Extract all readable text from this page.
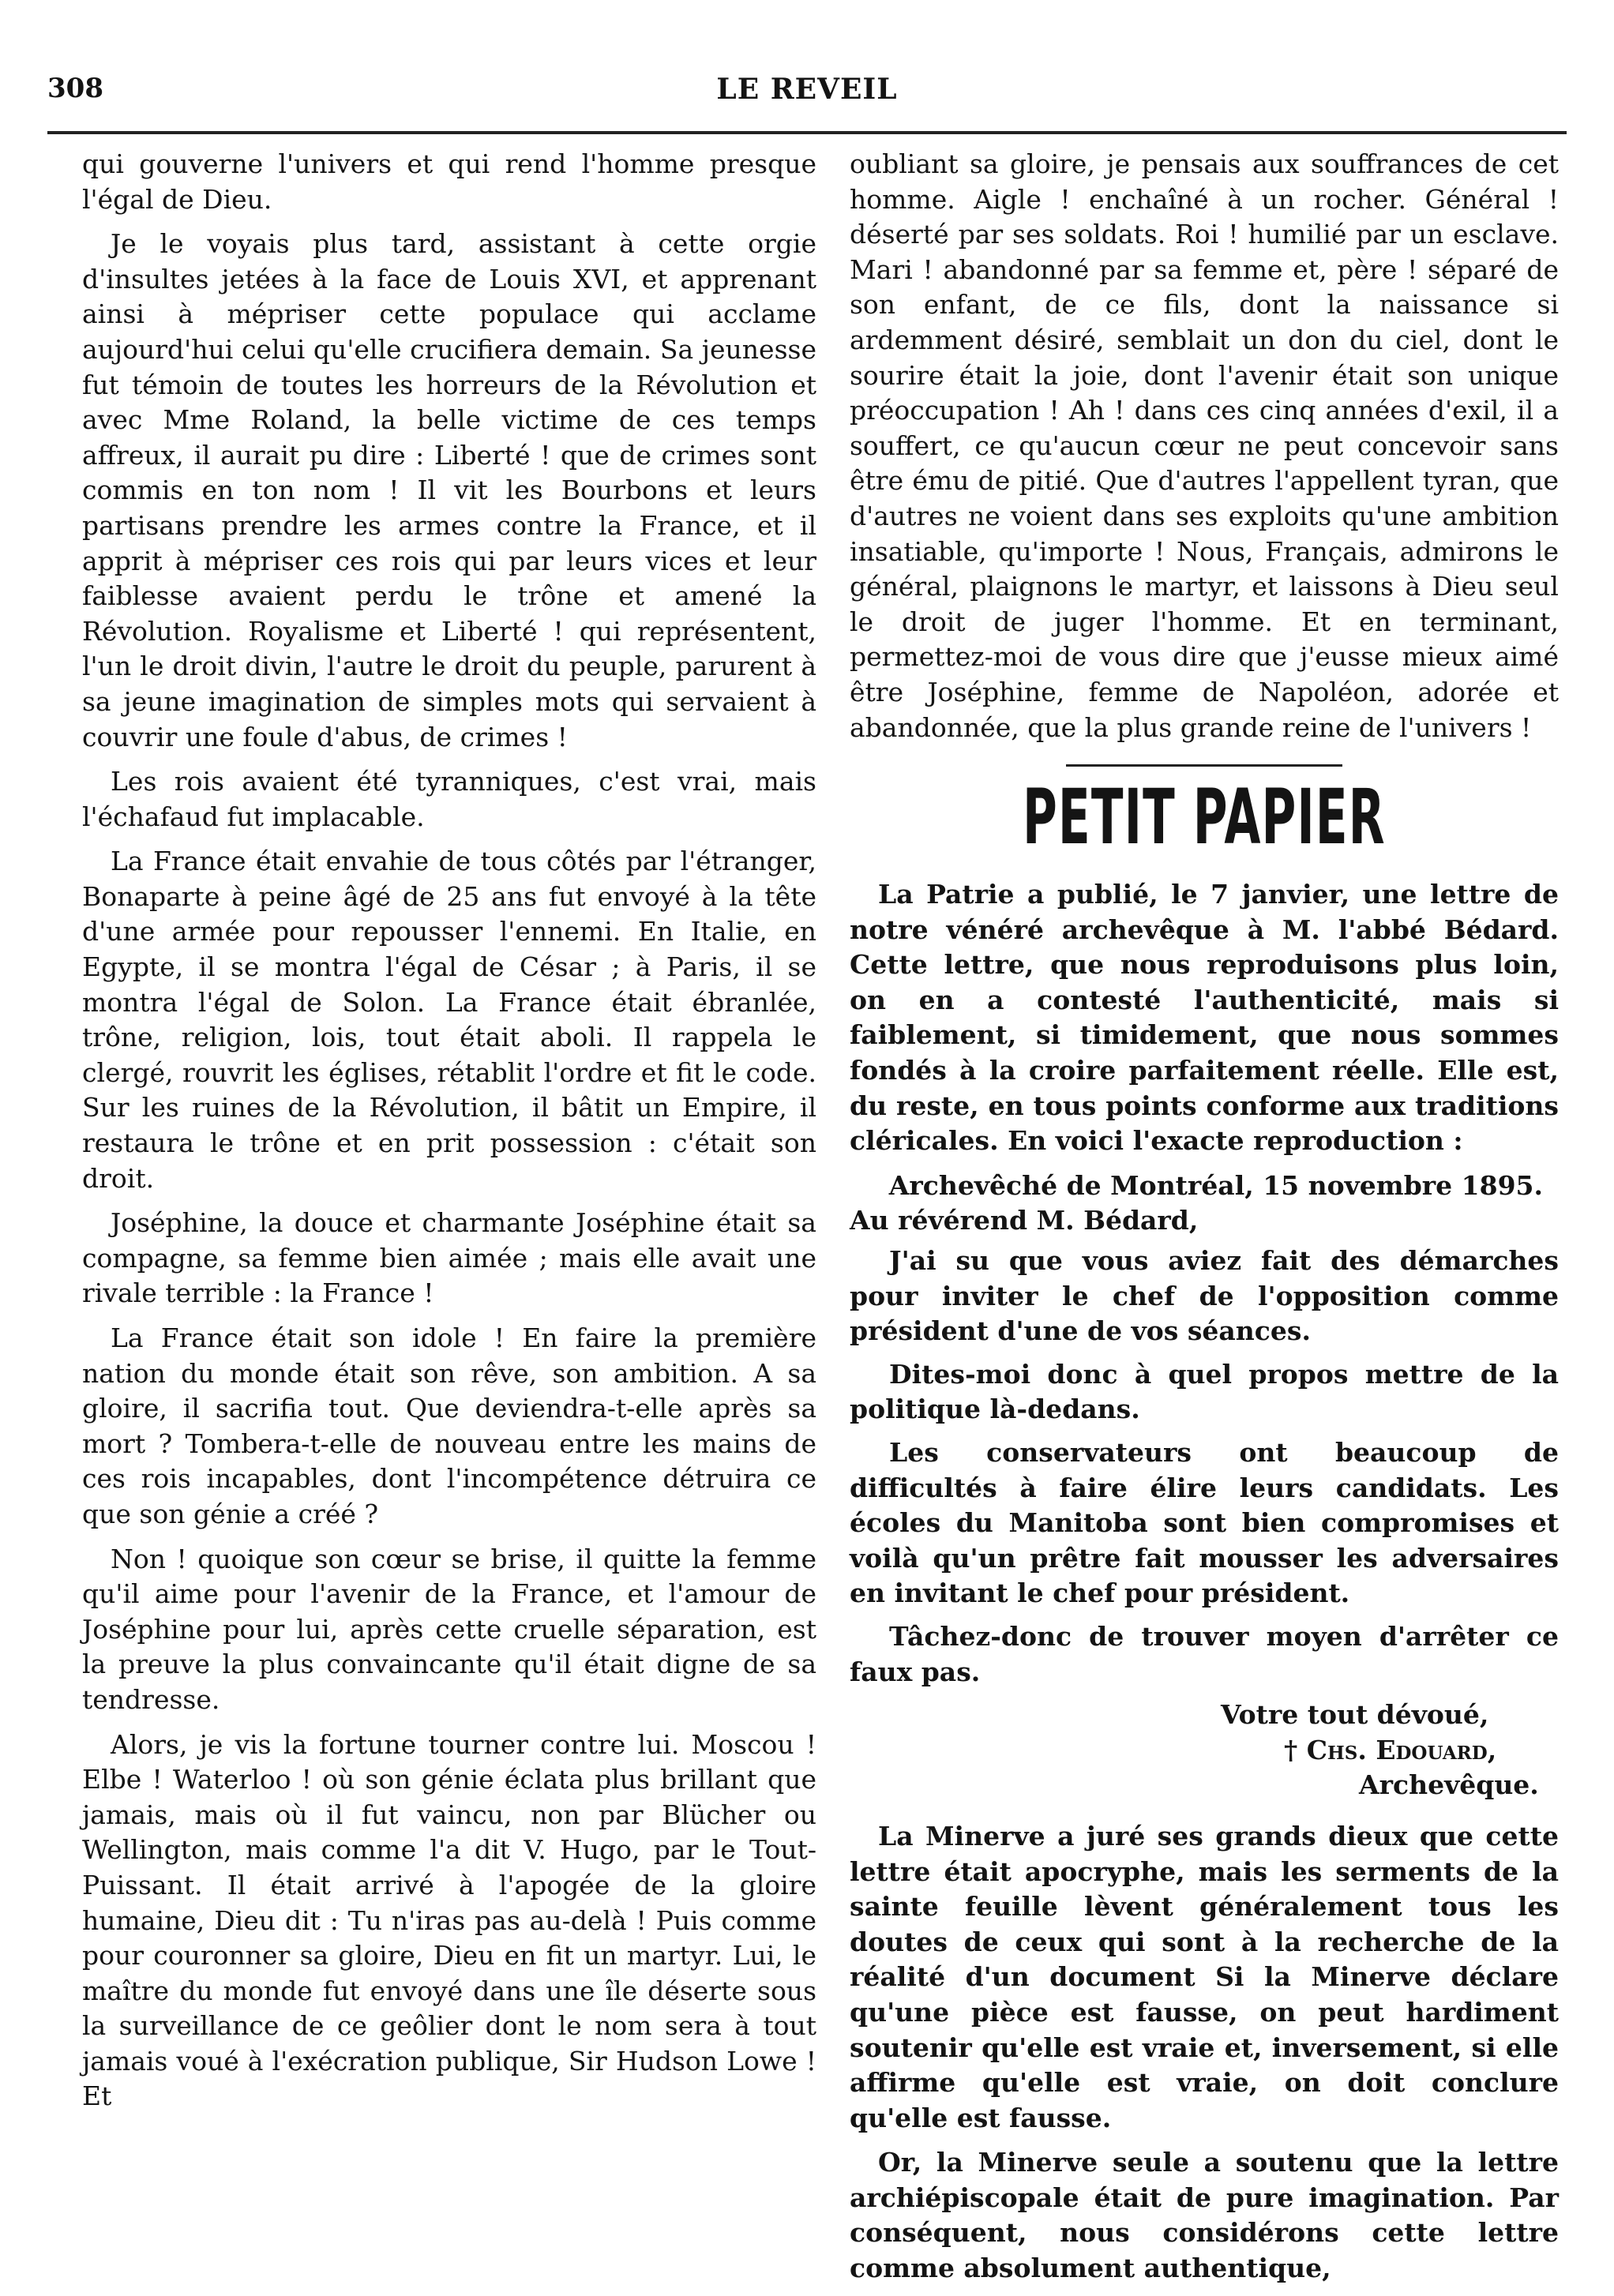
308	LE REVEIL

qui gouverne l'univers et qui rend l'homme presque l'égal de Dieu.

Je le voyais plus tard, assistant à cette orgie d'insultes jetées à la face de Louis XVI, et apprenant ainsi à mépriser cette populace qui acclame aujourd'hui celui qu'elle crucifiera demain. Sa jeunesse fut témoin de toutes les horreurs de la Révolution et avec Mme Roland, la belle victime de ces temps affreux, il aurait pu dire : Liberté ! que de crimes sont commis en ton nom ! Il vit les Bourbons et leurs partisans prendre les armes contre la France, et il apprit à mépriser ces rois qui par leurs vices et leur faiblesse avaient perdu le trône et amené la Révolution. Royalisme et Liberté ! qui représentent, l'un le droit divin, l'autre le droit du peuple, parurent à sa jeune imagination de simples mots qui servaient à couvrir une foule d'abus, de crimes !

Les rois avaient été tyranniques, c'est vrai, mais l'échafaud fut implacable.

La France était envahie de tous côtés par l'étranger, Bonaparte à peine âgé de 25 ans fut envoyé à la tête d'une armée pour repousser l'ennemi. En Italie, en Egypte, il se montra l'égal de César ; à Paris, il se montra l'égal de Solon. La France était ébranlée, trône, religion, lois, tout était aboli. Il rappela le clergé, rouvrit les églises, rétablit l'ordre et fit le code. Sur les ruines de la Révolution, il bâtit un Empire, il restaura le trône et en prit possession : c'était son droit.

Joséphine, la douce et charmante Joséphine était sa compagne, sa femme bien aimée ; mais elle avait une rivale terrible : la France !

La France était son idole ! En faire la première nation du monde était son rêve, son ambition. A sa gloire, il sacrifia tout. Que deviendra-t-elle après sa mort ? Tombera-t-elle de nouveau entre les mains de ces rois incapables, dont l'incompétence détruira ce que son génie a créé ?

Non ! quoique son cœur se brise, il quitte la femme qu'il aime pour l'avenir de la France, et l'amour de Joséphine pour lui, après cette cruelle séparation, est la preuve la plus convaincante qu'il était digne de sa tendresse.

Alors, je vis la fortune tourner contre lui. Moscou ! Elbe ! Waterloo ! où son génie éclata plus brillant que jamais, mais où il fut vaincu, non par Blücher ou Wellington, mais comme l'a dit V. Hugo, par le Tout-Puissant. Il était arrivé à l'apogée de la gloire humaine, Dieu dit : Tu n'iras pas au-delà ! Puis comme pour couronner sa gloire, Dieu en fit un martyr. Lui, le maître du monde fut envoyé dans une île déserte sous la surveillance de ce geôlier dont le nom sera à tout jamais voué à l'exécration publique, Sir Hudson Lowe ! Et

oubliant sa gloire, je pensais aux souffrances de cet homme. Aigle ! enchaîné à un rocher. Général ! déserté par ses soldats. Roi ! humilié par un esclave. Mari ! abandonné par sa femme et, père ! séparé de son enfant, de ce fils, dont la naissance si ardemment désiré, semblait un don du ciel, dont le sourire était la joie, dont l'avenir était son unique préoccupation ! Ah ! dans ces cinq années d'exil, il a souffert, ce qu'aucun cœur ne peut concevoir sans être ému de pitié. Que d'autres l'appellent tyran, que d'autres ne voient dans ses exploits qu'une ambition insatiable, qu'importe ! Nous, Français, admirons le général, plaignons le martyr, et laissons à Dieu seul le droit de juger l'homme. Et en terminant, permettez-moi de vous dire que j'eusse mieux aimé être Joséphine, femme de Napoléon, adorée et abandonnée, que la plus grande reine de l'univers !

PETIT PAPIER

La Patrie a publié, le 7 janvier, une lettre de notre vénéré archevêque à M. l'abbé Bédard. Cette lettre, que nous reproduisons plus loin, on en a contesté l'authenticité, mais si faiblement, si timidement, que nous sommes fondés à la croire parfaitement réelle. Elle est, du reste, en tous points conforme aux traditions cléricales. En voici l'exacte reproduction :

Archevêché de Montréal, 15 novembre 1895.
Au révérend M. Bédard,

J'ai su que vous aviez fait des démarches pour inviter le chef de l'opposition comme président d'une de vos séances.

Dites-moi donc à quel propos mettre de la politique là-dedans.

Les conservateurs ont beaucoup de difficultés à faire élire leurs candidats. Les écoles du Manitoba sont bien compromises et voilà qu'un prêtre fait mousser les adversaires en invitant le chef pour président.

Tâchez-donc de trouver moyen d'arrêter ce faux pas.

Votre tout dévoué,
† Chs. Edouard,
Archevêque.

La Minerve a juré ses grands dieux que cette lettre était apocryphe, mais les serments de la sainte feuille lèvent généralement tous les doutes de ceux qui sont à la recherche de la réalité d'un document Si la Minerve déclare qu'une pièce est fausse, on peut hardiment soutenir qu'elle est vraie et, inversement, si elle affirme qu'elle est vraie, on doit conclure qu'elle est fausse.

Or, la Minerve seule a soutenu que la lettre archiépiscopale était de pure imagination. Par conséquent, nous considérons cette lettre comme absolument authentique,
